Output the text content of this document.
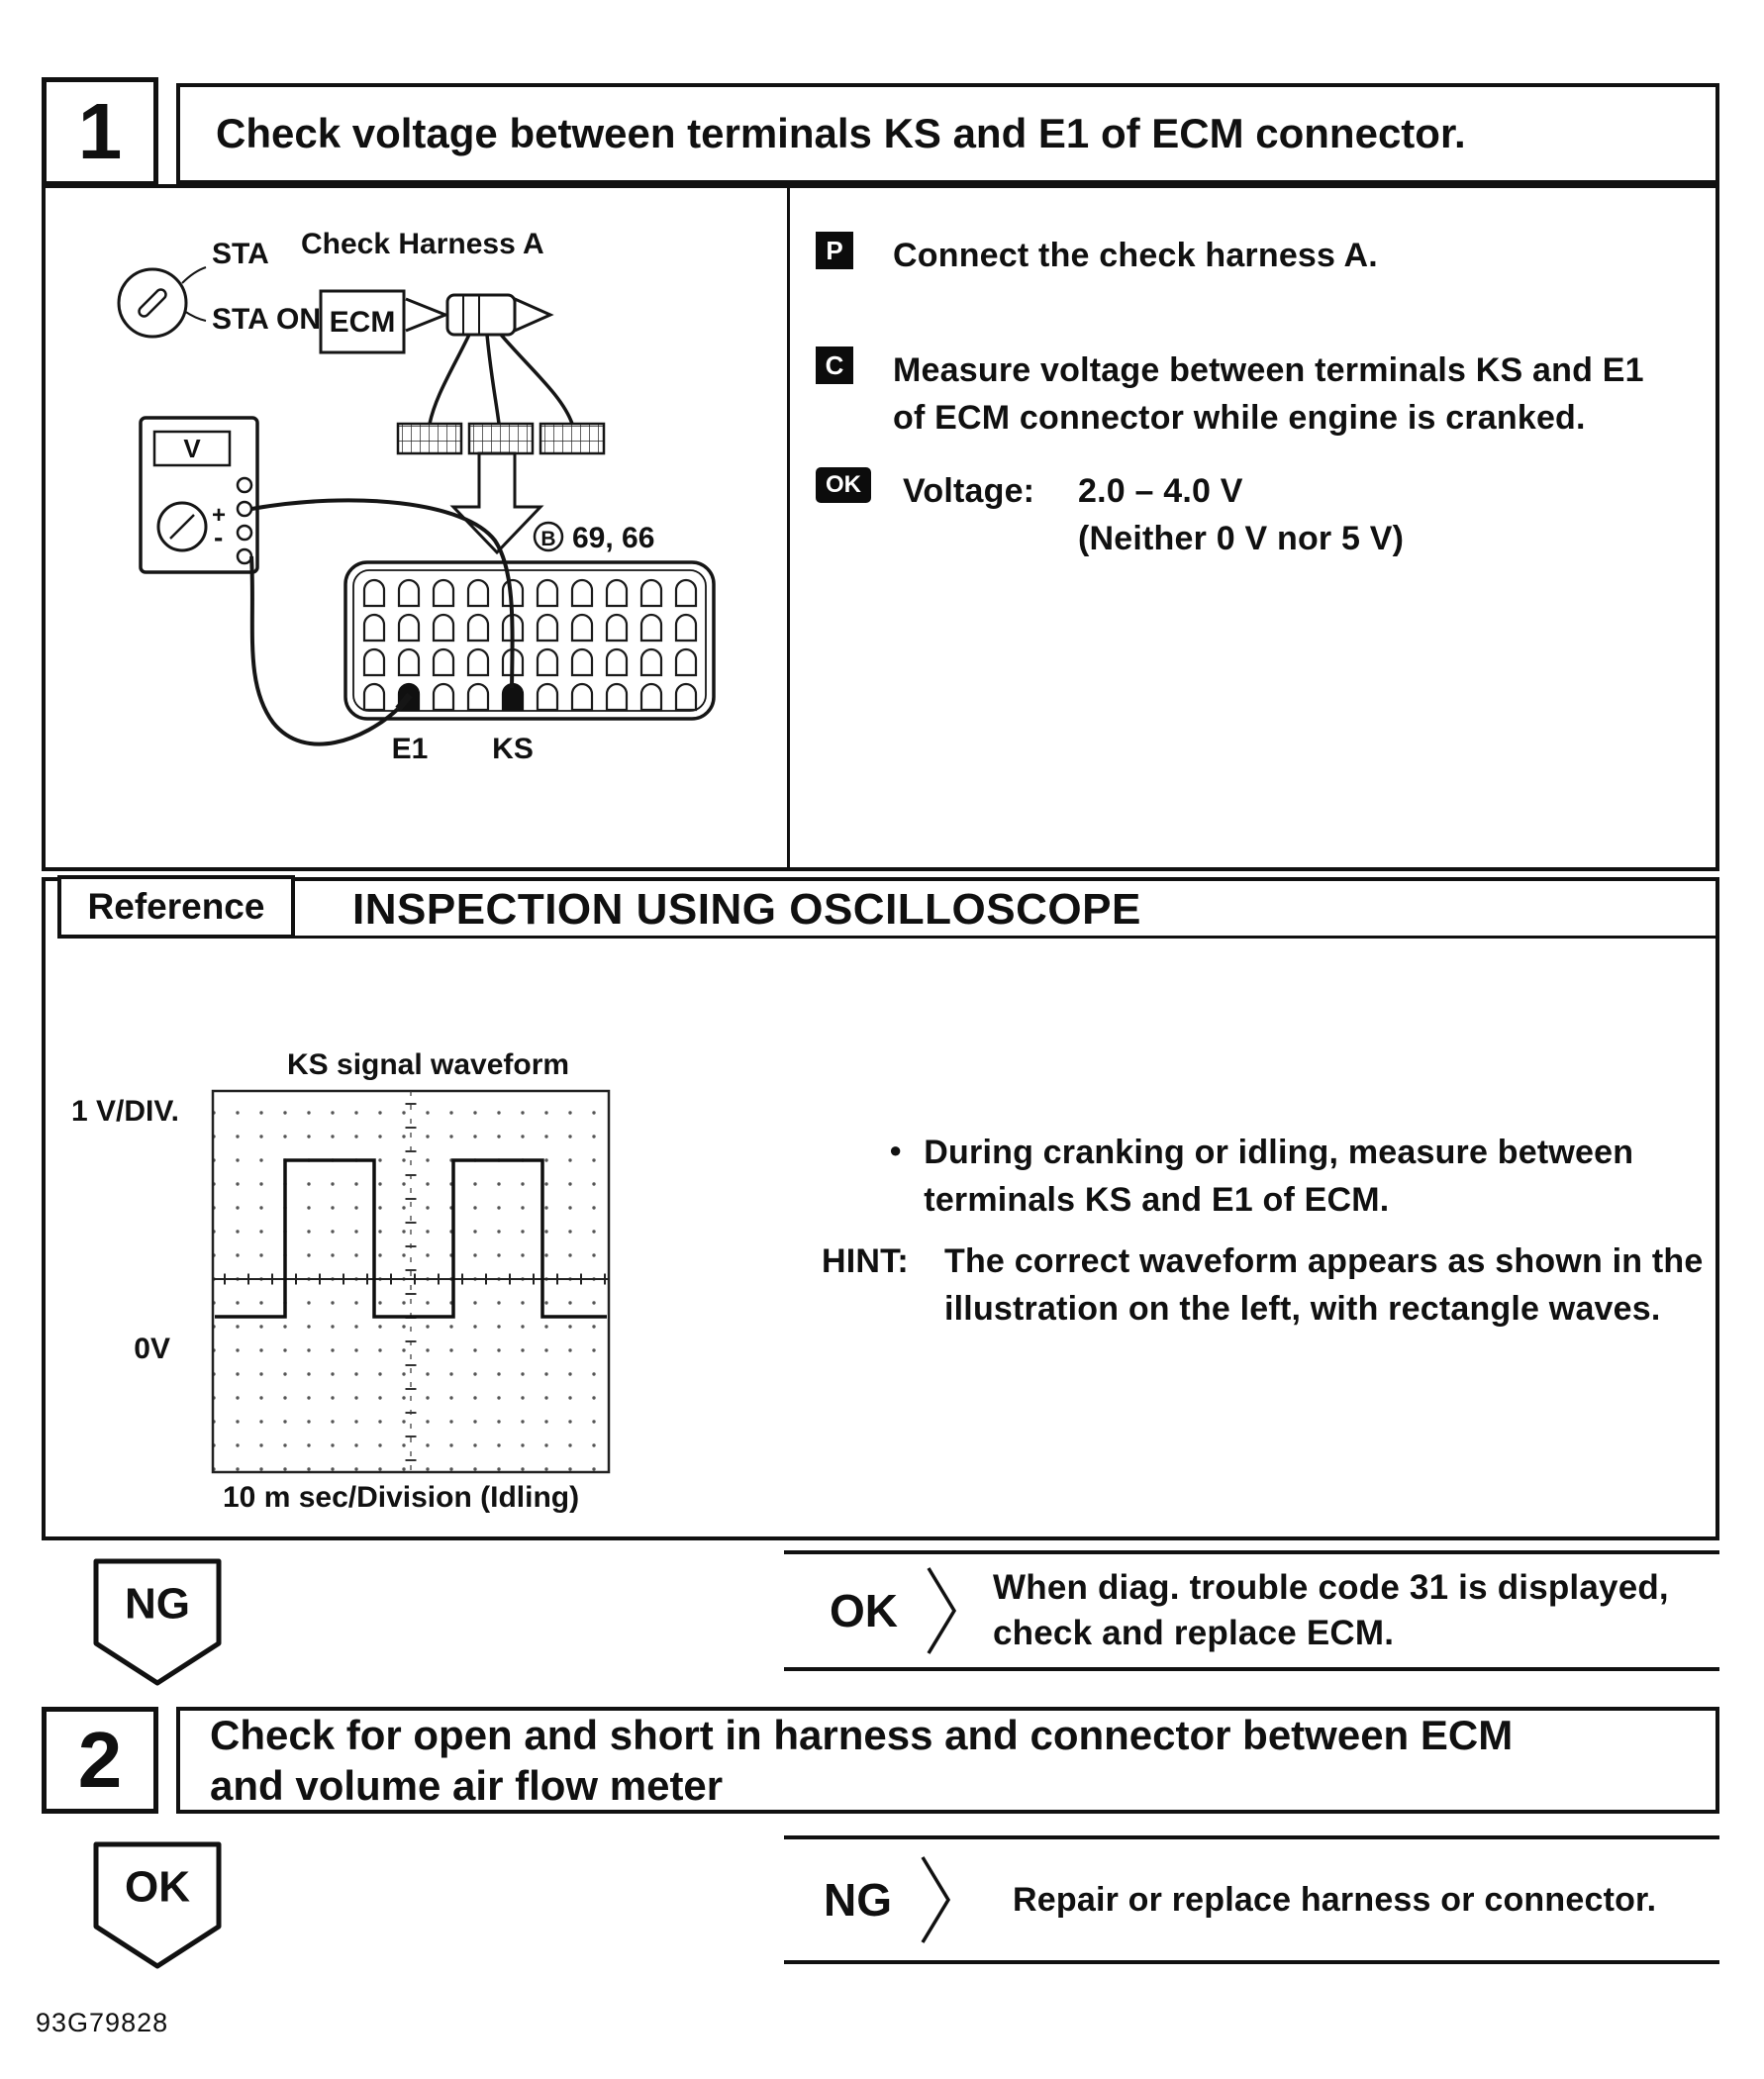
1 Check voltage between terminals KS and E1 of ECM connector.
STA
STA ON
Check Harness A
ECM
V
+
-	B 69, 66
E1 KS
P	Connect the check harness A.
C Measure voltage between terminals KS and E1 of ECM connector while engine is cranked.
OK Voltage:	2.0 – 4.0 V
(Neither 0 V nor 5 V)
Reference INSPECTION USING OSCILLOSCOPE
KS signal waveform
1 V/DIV.
0V
10 m sec/Division (Idling)
● During cranking or idling, measure between terminals KS and E1 of ECM.
HINT:	The correct waveform appears as shown in the illustration on the left, with rectangle waves.
NG	OK	When diag. trouble code 31 is displayed,
check and replace ECM.
2 Check for open and short in harness and connector between ECM
and volume air flow meter
OK	NG	Repair or replace harness or connector.
93G79828
